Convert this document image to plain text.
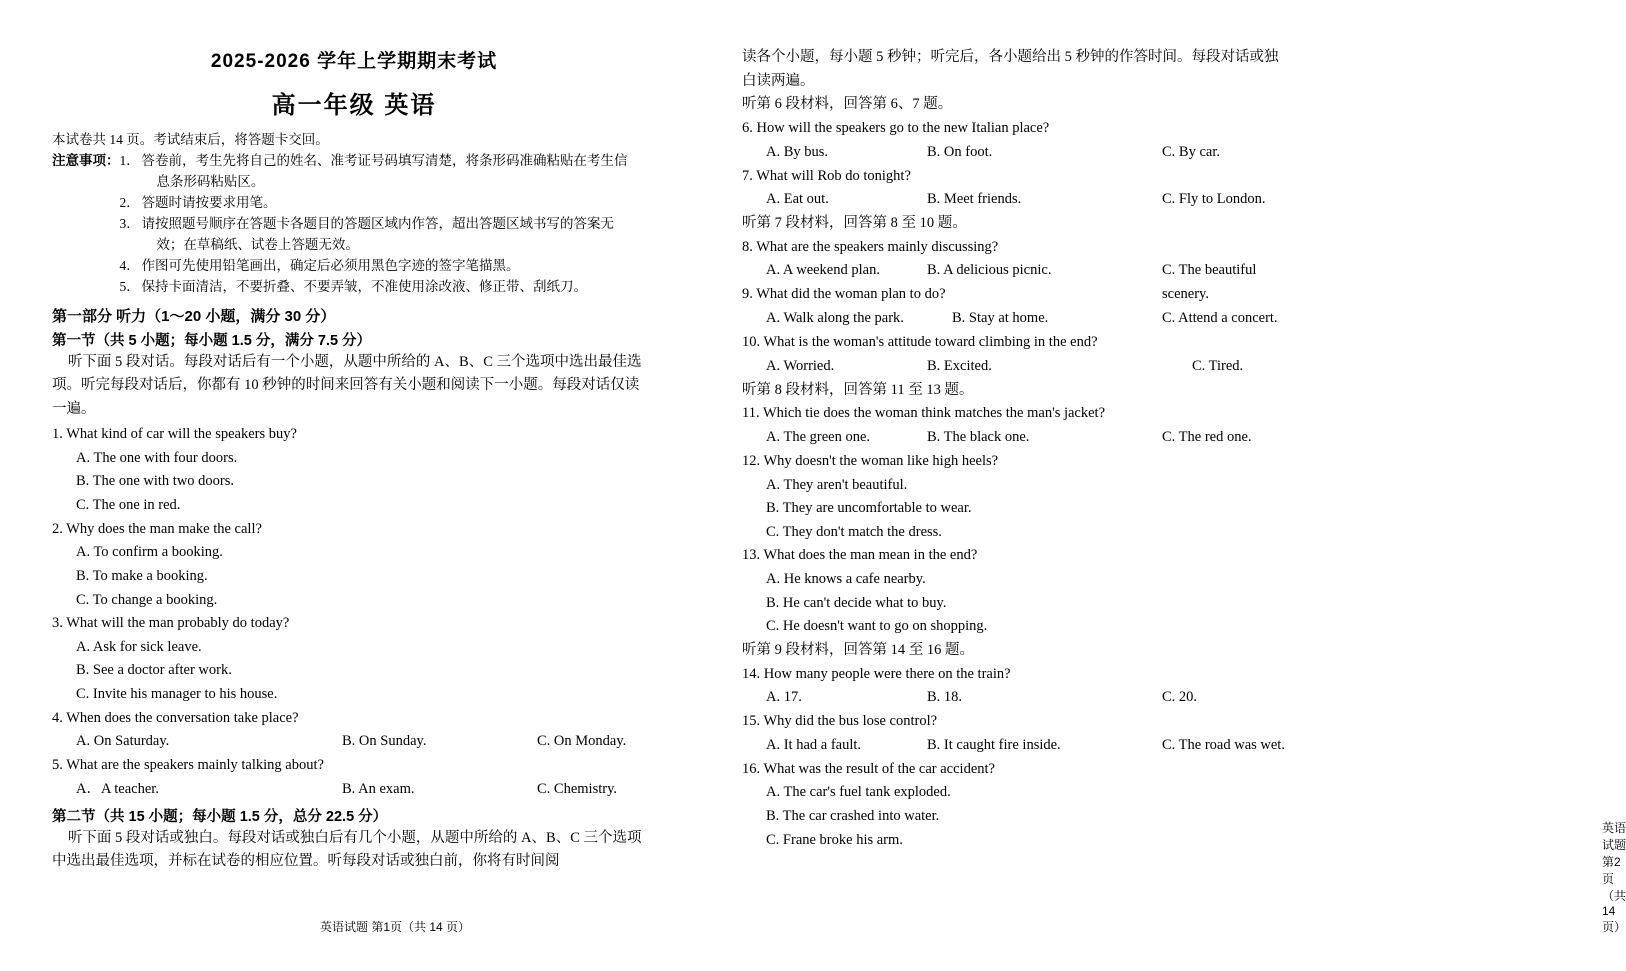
2025-2026 学年上学期期末考试
高一年级 英语
本试卷共 14 页。考试结束后，将答题卡交回。
注意事项： 1． 答卷前，考生先将自己的姓名、准考证号码填写清楚，将条形码准确粘贴在考生信
息条形码粘贴区。
2． 答题时请按要求用笔。
3． 请按照题号顺序在答题卡各题目的答题区域内作答，超出答题区域书写的答案无
效；在草稿纸、试卷上答题无效。
4． 作图可先使用铅笔画出，确定后必须用黑色字迹的签字笔描黑。
5． 保持卡面清洁，不要折叠、不要弄皱，不准使用涂改液、修正带、刮纸刀。
第一部分 听力（1～20 小题，满分 30 分）
第一节（共 5 小题；每小题 1.5 分，满分 7.5 分）
听下面 5 段对话。每段对话后有一个小题，从题中所给的 A、B、C 三个选项中选出最佳选项。听完每段对话后，你都有 10 秒钟的时间来回答有关小题和阅读下一小题。每段对话仅读一遍。
1. What kind of car will the speakers buy?
A. The one with four doors.
B. The one with two doors.
C. The one in red.
2. Why does the man make the call?
A. To confirm a booking.
B. To make a booking.
C. To change a booking.
3. What will the man probably do today?
A. Ask for sick leave.
B. See a doctor after work.
C. Invite his manager to his house.
4. When does the conversation take place?
A. On Saturday.	B. On Sunday.	C. On Monday.
5. What are the speakers mainly talking about?
A．A teacher.	B. An exam.	C. Chemistry.
第二节（共 15 小题；每小题 1.5 分，总分 22.5 分）
听下面 5 段对话或独白。每段对话或独白后有几个小题，从题中所给的 A、B、C 三个选项中选出最佳选项，并标在试卷的相应位置。听每段对话或独白前，你将有时间阅
英语试题 第1页（共 14 页）
读各个小题，每小题 5 秒钟；听完后，各小题给出 5 秒钟的作答时间。每段对话或独白读两遍。
听第 6 段材料，回答第 6、7 题。
6. How will the speakers go to the new Italian place?
A. By bus.	B. On foot.	C. By car.
7. What will Rob do tonight?
A. Eat out.	B. Meet friends.	C. Fly to London.
听第 7 段材料，回答第 8 至 10 题。
8. What are the speakers mainly discussing?
A. A weekend plan.	B. A delicious picnic.	C. The beautiful scenery.
9. What did the woman plan to do?
A. Walk along the park.	B. Stay at home.	C. Attend a concert.
10. What is the woman's attitude toward climbing in the end?
A. Worried.	B. Excited.	C. Tired.
听第 8 段材料，回答第 11 至 13 题。
11. Which tie does the woman think matches the man's jacket?
A. The green one.	B. The black one.	C. The red one.
12. Why doesn't the woman like high heels?
A. They aren't beautiful.
B. They are uncomfortable to wear.
C. They don't match the dress.
13. What does the man mean in the end?
A. He knows a cafe nearby.
B. He can't decide what to buy.
C. He doesn't want to go on shopping.
听第 9 段材料，回答第 14 至 16 题。
14. How many people were there on the train?
A. 17.	B. 18.	C. 20.
15. Why did the bus lose control?
A. It had a fault.	B. It caught fire inside.	C. The road was wet.
16. What was the result of the car accident?
A. The car's fuel tank exploded.
B. The car crashed into water.
C. Frane broke his arm.
英语试题 第2页（共 14 页）
